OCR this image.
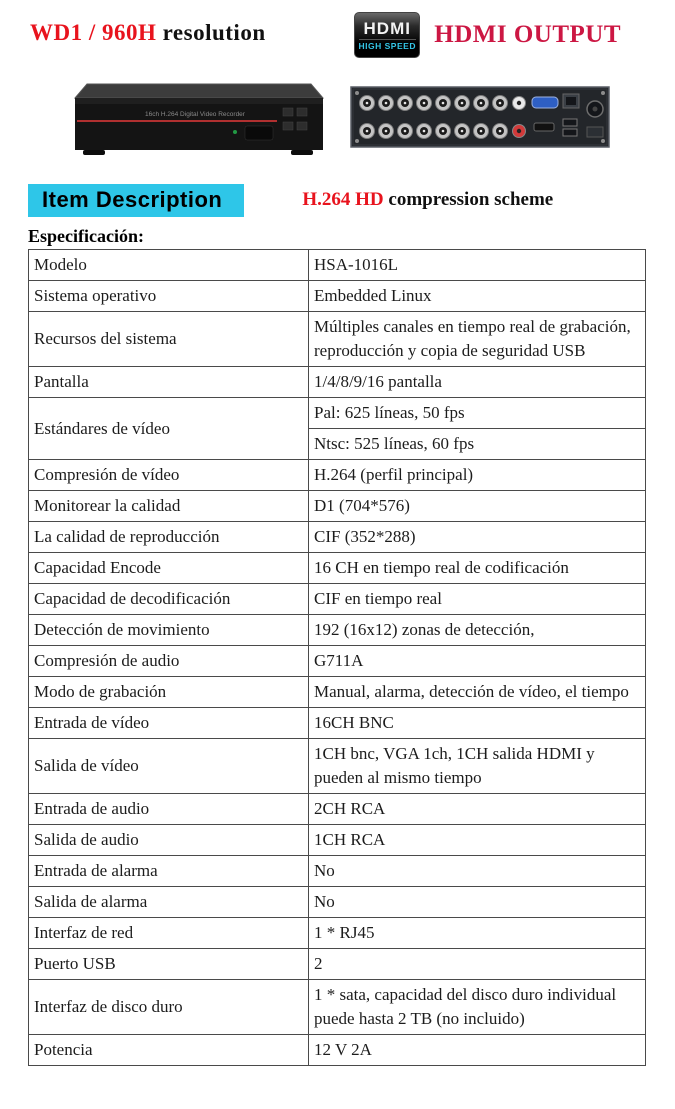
WD1 / 960H resolution	HDMI
HIGH SPEED HDMI OUTPUT
16ch H.264 Digital Video Recorder
Item Description	H.264 HD compression scheme
Especificación:
Modelo	HSA-1016L
Sistema operativo	Embedded Linux
Recursos del sistema	Múltiples canales en tiempo real de grabación, reproducción y copia de seguridad USB
Pantalla	1/4/8/9/16 pantalla
Estándares de vídeo	Pal: 625 líneas, 50 fps
	Ntsc: 525 líneas, 60 fps
Compresión de vídeo	H.264 (perfil principal)
Monitorear la calidad	D1 (704*576)
La calidad de reproducción	CIF (352*288)
Capacidad Encode	16 CH en tiempo real de codificación
Capacidad de decodificación	CIF en tiempo real
Detección de movimiento	192 (16x12) zonas de detección,
Compresión de audio	G711A
Modo de grabación	Manual, alarma, detección de vídeo, el tiempo
Entrada de vídeo	16CH BNC
Salida de vídeo	1CH bnc, VGA 1ch, 1CH salida HDMI y pueden al mismo tiempo
Entrada de audio	2CH RCA
Salida de audio	1CH RCA
Entrada de alarma	No
Salida de alarma	No
Interfaz de red	1 * RJ45
Puerto USB	2
Interfaz de disco duro	1 * sata, capacidad del disco duro individual puede hasta 2 TB (no incluido)
Potencia	12 V 2A
